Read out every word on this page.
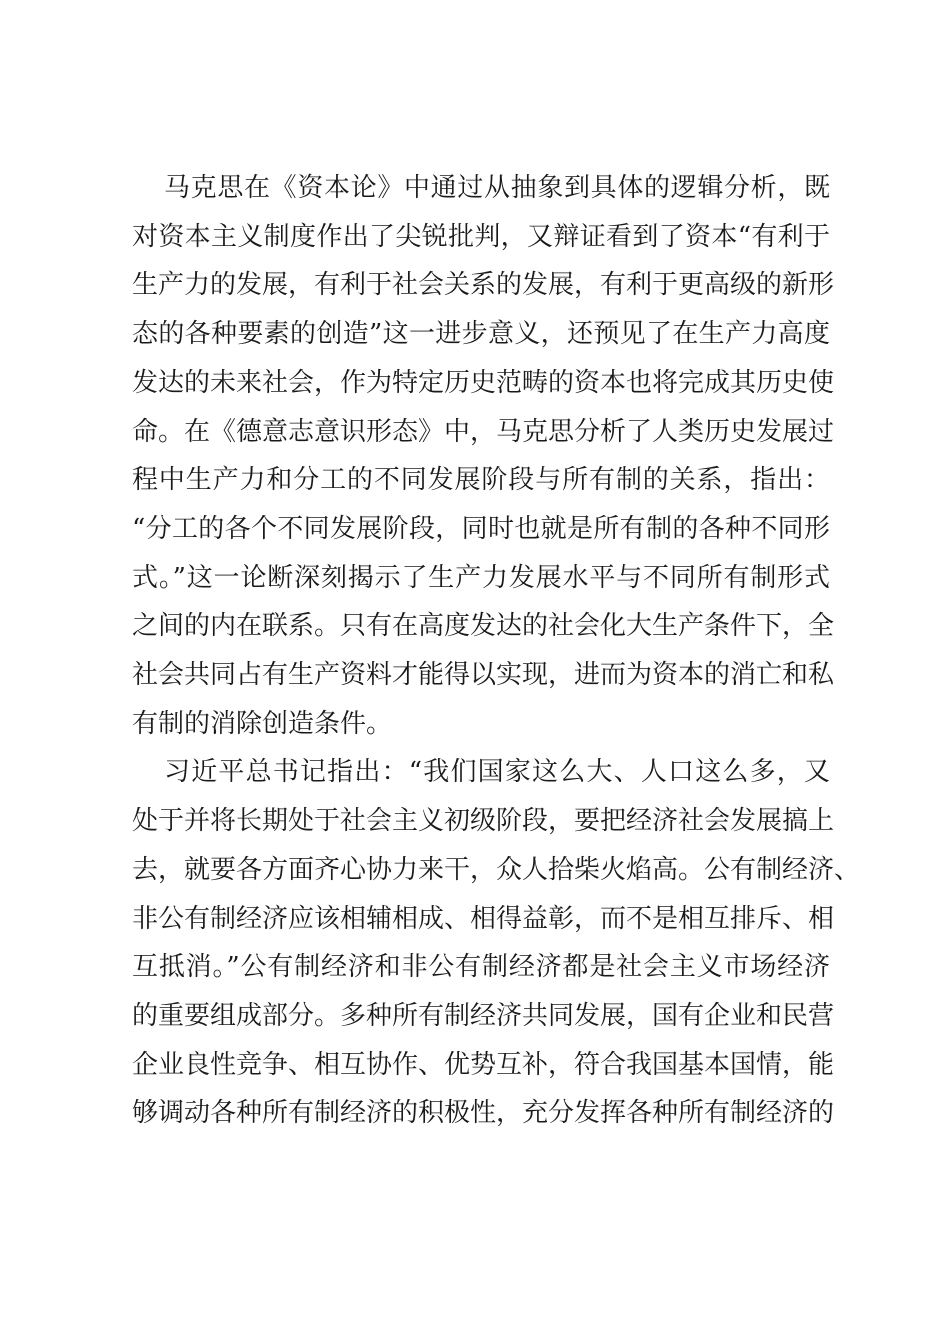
马克思在《资本论》中通过从抽象到具体的逻辑分析，既
对资本主义制度作出了尖锐批判，又辩证看到了资本“有利于
生产力的发展，有利于社会关系的发展，有利于更高级的新形
态的各种要素的创造”这一进步意义，还预见了在生产力高度
发达的未来社会，作为特定历史范畴的资本也将完成其历史使
命。在《德意志意识形态》中，马克思分析了人类历史发展过
程中生产力和分工的不同发展阶段与所有制的关系，指出：
“分工的各个不同发展阶段，同时也就是所有制的各种不同形
式。”这一论断深刻揭示了生产力发展水平与不同所有制形式
之间的内在联系。只有在高度发达的社会化大生产条件下，全
社会共同占有生产资料才能得以实现，进而为资本的消亡和私
有制的消除创造条件。

习近平总书记指出：“我们国家这么大、人口这么多，又
处于并将长期处于社会主义初级阶段，要把经济社会发展搞上
去，就要各方面齐心协力来干，众人拾柴火焰高。公有制经济、
非公有制经济应该相辅相成、相得益彰，而不是相互排斥、相
互抵消。”公有制经济和非公有制经济都是社会主义市场经济
的重要组成部分。多种所有制经济共同发展，国有企业和民营
企业良性竞争、相互协作、优势互补，符合我国基本国情，能
够调动各种所有制经济的积极性，充分发挥各种所有制经济的
